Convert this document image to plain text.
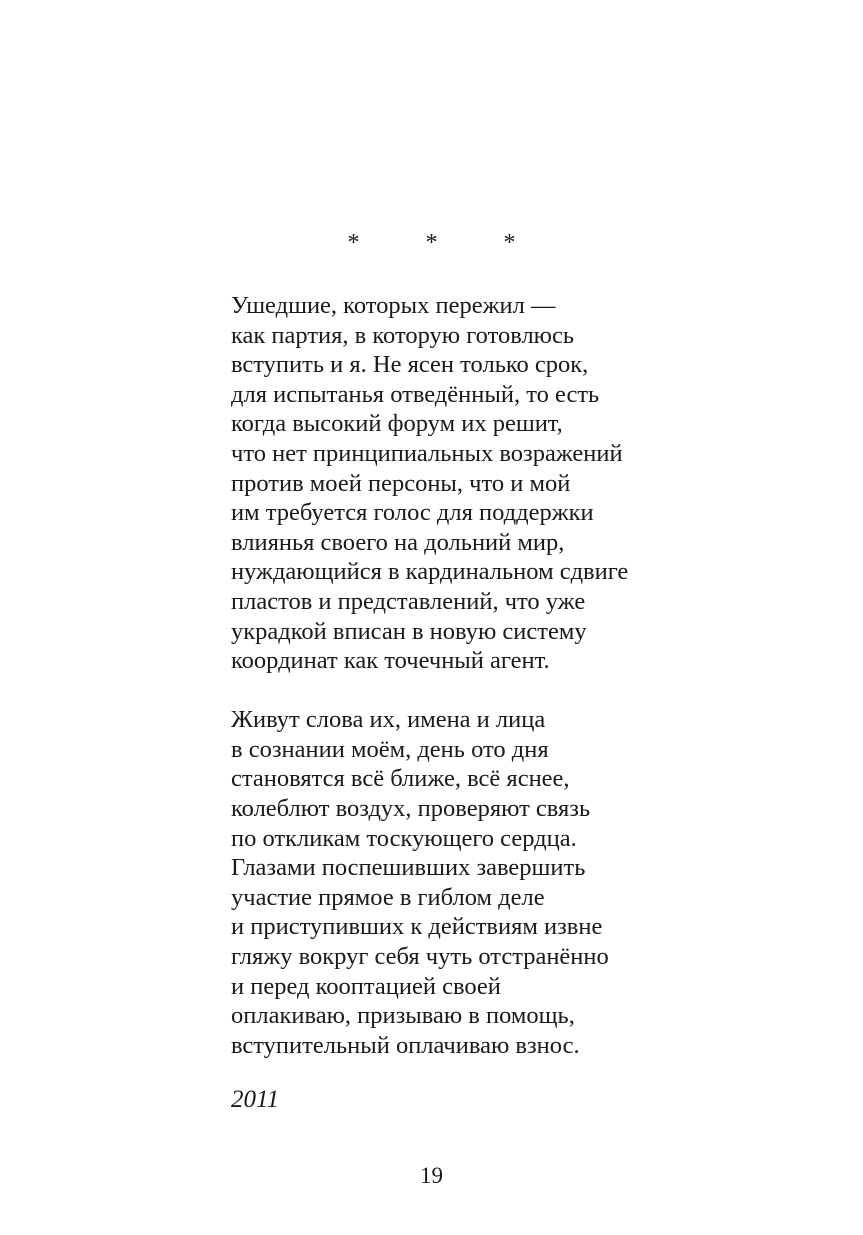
* * *
Ушедшие, которых пережил —
как партия, в которую готовлюсь
вступить и я. Не ясен только срок,
для испытанья отведённый, то есть
когда высокий форум их решит,
что нет принципиальных возражений
против моей персоны, что и мой
им требуется голос для поддержки
влиянья своего на дольний мир,
нуждающийся в кардинальном сдвиге
пластов и представлений, что уже
украдкой вписан в новую систему
координат как точечный агент.
Живут слова их, имена и лица
в сознании моём, день ото дня
становятся всё ближе, всё яснее,
колеблют воздух, проверяют связь
по откликам тоскующего сердца.
Глазами поспешивших завершить
участие прямое в гиблом деле
и приступивших к действиям извне
гляжу вокруг себя чуть отстранённо
и перед кооптацией своей
оплакиваю, призываю в помощь,
вступительный оплачиваю взнос.
2011
19
